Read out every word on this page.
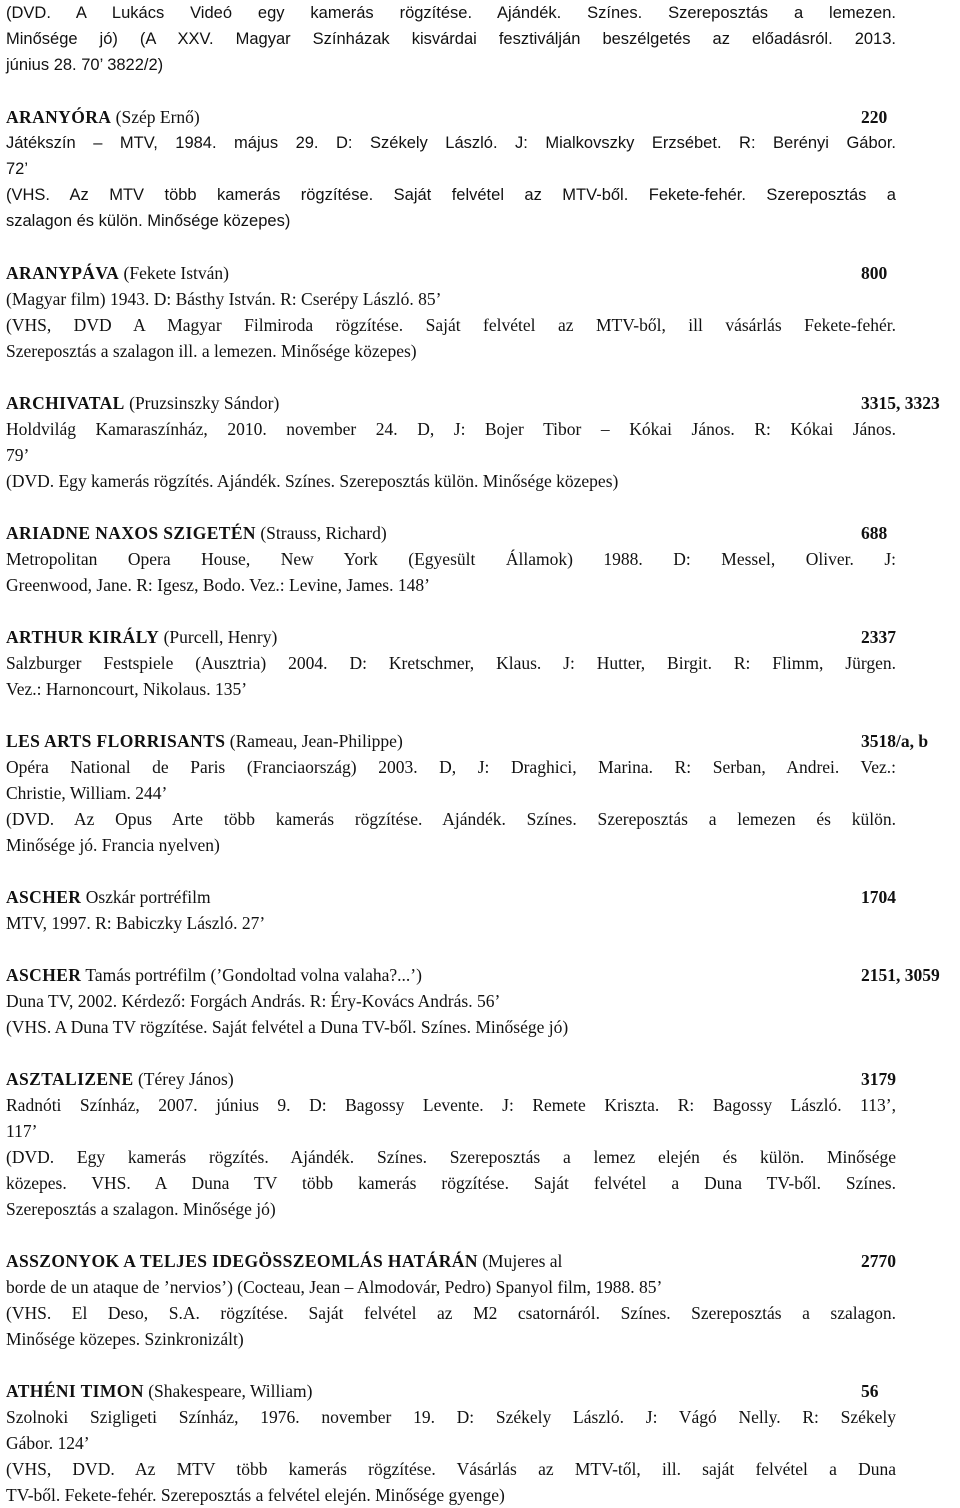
(DVD. A Lukács Videó egy kamerás rögzítése. Ajándék. Színes. Szereposztás a lemezen.
Minősége jó) (A XXV. Magyar Színházak kisvárdai fesztiválján beszélgetés az előadásról. 2013.
június 28. 70’ 3822/2)
ARANYÓRA (Szép Ernő)	220
Játékszín – MTV, 1984. május 29. D: Székely László. J: Mialkovszky Erzsébet. R: Berényi Gábor.
72’
(VHS. Az MTV több kamerás rögzítése. Saját felvétel az MTV-ből. Fekete-fehér. Szereposztás a
szalagon és külön. Minősége közepes)
ARANYPÁVA (Fekete István)	800
(Magyar film) 1943. D: Básthy István. R: Cserépy László. 85’
(VHS, DVD A Magyar Filmiroda rögzítése. Saját felvétel az MTV-ből, ill vásárlás Fekete-fehér.
Szereposztás a szalagon ill. a lemezen. Minősége közepes)
ARCHIVATAL (Pruzsinszky Sándor)	3315, 3323
Holdvilág Kamaraszínház, 2010. november 24. D, J: Bojer Tibor – Kókai János. R: Kókai János.
79’
(DVD. Egy kamerás rögzítés. Ajándék. Színes. Szereposztás külön. Minősége közepes)
ARIADNE NAXOS SZIGETÉN (Strauss, Richard)	688
Metropolitan Opera House, New York (Egyesült Államok) 1988. D: Messel, Oliver. J:
Greenwood, Jane. R: Igesz, Bodo. Vez.: Levine, James. 148’
ARTHUR KIRÁLY (Purcell, Henry)	2337
Salzburger Festspiele (Ausztria) 2004. D: Kretschmer, Klaus. J: Hutter, Birgit. R: Flimm, Jürgen.
Vez.: Harnoncourt, Nikolaus. 135’
LES ARTS FLORRISANTS (Rameau, Jean-Philippe)	3518/a, b
Opéra National de Paris (Franciaország) 2003. D, J: Draghici, Marina. R: Serban, Andrei. Vez.:
Christie, William. 244’
(DVD. Az Opus Arte több kamerás rögzítése. Ajándék. Színes. Szereposztás a lemezen és külön.
Minősége jó. Francia nyelven)
ASCHER Oszkár portréfilm	1704
MTV, 1997. R: Babiczky László. 27’
ASCHER Tamás portréfilm (’Gondoltad volna valaha?...’)	2151, 3059
Duna TV, 2002. Kérdező: Forgách András. R: Éry-Kovács András. 56’
(VHS. A Duna TV rögzítése. Saját felvétel a Duna TV-ből. Színes. Minősége jó)
ASZTALIZENE (Térey János)	3179
Radnóti Színház, 2007. június 9. D: Bagossy Levente. J: Remete Kriszta. R: Bagossy László. 113’,
117’
(DVD. Egy kamerás rögzítés. Ajándék. Színes. Szereposztás a lemez elején és külön. Minősége
közepes. VHS. A Duna TV több kamerás rögzítése. Saját felvétel a Duna TV-ből. Színes.
Szereposztás a szalagon. Minősége jó)
ASSZONYOK A TELJES IDEGÖSSZEOMLÁS HATÁRÁN (Mujeres al	2770
borde de un ataque de ’nervios’) (Cocteau, Jean – Almodovár, Pedro) Spanyol film, 1988. 85’
(VHS. El Deso, S.A. rögzítése. Saját felvétel az M2 csatornáról. Színes. Szereposztás a szalagon.
Minősége közepes. Szinkronizált)
ATHÉNI TIMON (Shakespeare, William)	56
Szolnoki Szigligeti Színház, 1976. november 19. D: Székely László. J: Vágó Nelly. R: Székely
Gábor. 124’
(VHS, DVD. Az MTV több kamerás rögzítése. Vásárlás az MTV-től, ill. saját felvétel a Duna
TV-ből. Fekete-fehér. Szereposztás a felvétel elején. Minősége gyenge)
